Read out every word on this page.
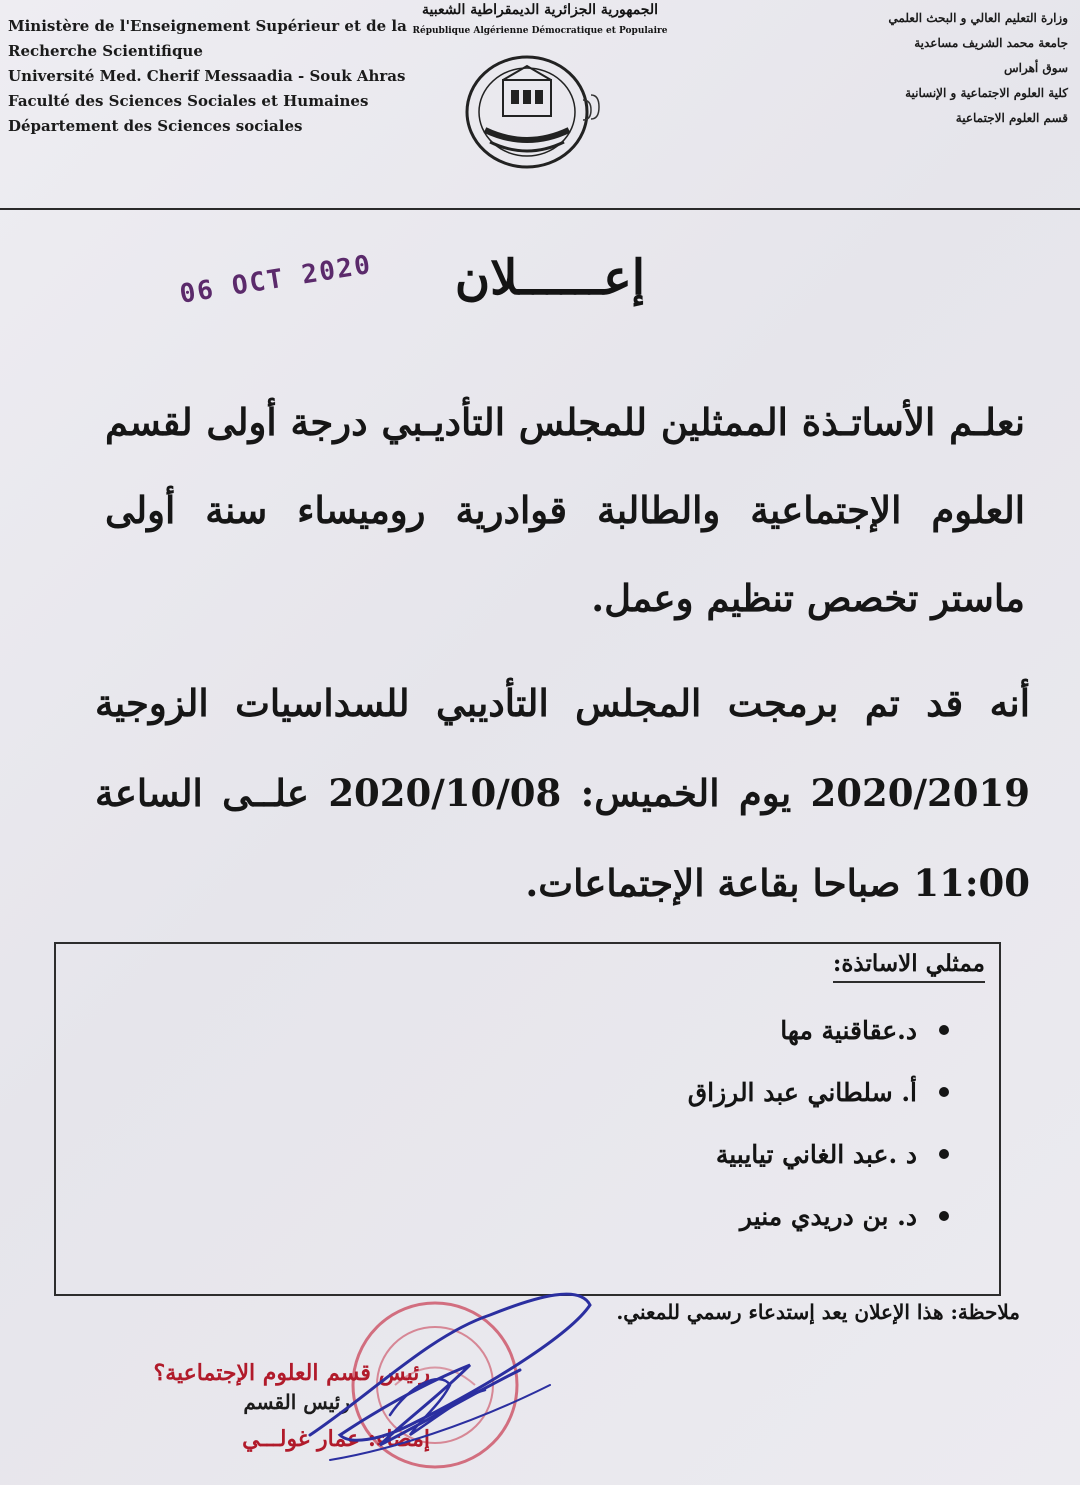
Ministère de l'Enseignement Supérieur et de la
Recherche Scientifique
Université Med. Cherif Messaadia - Souk Ahras
Faculté des Sciences Sociales et Humaines
Département des Sciences sociales
الجمهورية الجزائرية الديمقراطية الشعبية
République Algérienne Démocratique et Populaire
وزارة التعليم العالي و البحث العلمي
جامعة محمد الشريف مساعدية
سوق أهراس
كلية العلوم الاجتماعية و الإنسانية
قسم العلوم الاجتماعية
06 OCT 2020	إعــــــلان
نعلـم الأساتـذة الممثلين للمجلس التأديـبي درجة أولى لقسم العلوم الإجتماعية والطالبة قوادرية روميساء سنة أولى ماستر تخصص تنظيم وعمل.
أنه قد تم برمجت المجلس التأديبي للسداسيات الزوجية 2020/2019 يوم الخميس: 2020/10/08 علــى الساعة 11:00 صباحا بقاعة الإجتماعات.
ممثلي الاساتذة:
د.عقاقنية مها
أ. سلطاني عبد الرزاق
د .عبد الغاني تيايبية
د. بن دريدي منير
ملاحظة: هذا الإعلان يعد إستدعاء رسمي للمعني.
رئيس قسم العلوم الإجتماعية؟
رئيس القسم
إمضاء: عمار غولـــي
